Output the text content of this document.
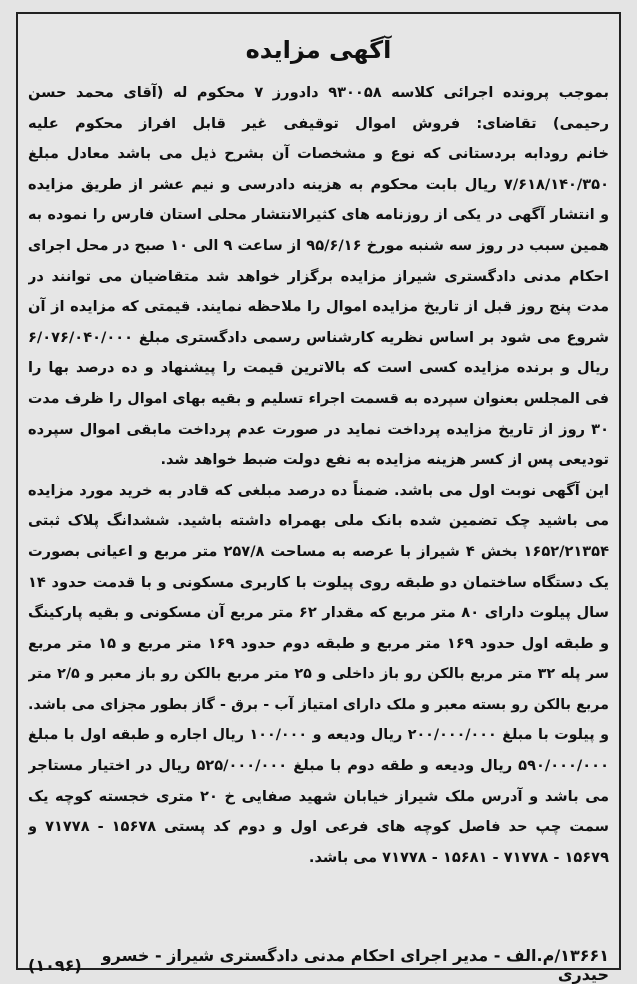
آگهی مزایده
بموجب پرونده اجرائی کلاسه ۹۳۰۰۵۸ دادورز ۷ محکوم له (آقای محمد حسن
رحیمی) تقاضای: فروش اموال توقیفی غیر قابل افراز محکوم علیه
خانم رودابه بردستانی که نوع و مشخصات آن بشرح ذیل می باشد معادل مبلغ
۷/۶۱۸/۱۴۰/۳۵۰ ریال بابت محکوم به هزینه دادرسی و نیم عشر از طریق مزایده
و انتشار آگهی در یکی از روزنامه های کثیرالانتشار محلی استان فارس را نموده به
همین سبب در روز سه شنبه مورخ ۹۵/۶/۱۶ از ساعت ۹ الی ۱۰ صبح در محل اجرای
احکام مدنی دادگستری شیراز مزایده برگزار خواهد شد متقاضیان می توانند در
مدت پنج روز قبل از تاریخ مزایده اموال را ملاحظه نمایند. قیمتی که مزایده از آن
شروع می شود بر اساس نظریه کارشناس رسمی دادگستری مبلغ ۶/۰۷۶/۰۴۰/۰۰۰
ریال و برنده مزایده کسی است که بالاترین قیمت را پیشنهاد و ده درصد بها را
فی المجلس بعنوان سپرده به قسمت اجراء تسلیم و بقیه بهای اموال را ظرف مدت
۳۰ روز از تاریخ مزایده پرداخت نماید در صورت عدم پرداخت مابقی اموال سپرده
تودیعی پس از کسر هزینه مزایده به نفع دولت ضبط خواهد شد.
این آگهی نوبت اول می باشد. ضمناً ده درصد مبلغی که قادر به خرید مورد مزایده
می باشید چک تضمین شده بانک ملی بهمراه داشته باشید. ششدانگ پلاک ثبتی
۱۶۵۲/۲۱۳۵۴ بخش ۴ شیراز با عرصه به مساحت ۲۵۷/۸ متر مربع و اعیانی بصورت
یک دستگاه ساختمان دو طبقه روی پیلوت با کاربری مسکونی و با قدمت حدود ۱۴
سال پیلوت دارای ۸۰ متر مربع که مقدار ۶۲ متر مربع آن مسکونی و بقیه پارکینگ
و طبقه اول حدود ۱۶۹ متر مربع و طبقه دوم حدود ۱۶۹ متر مربع و ۱۵ متر مربع
سر پله ۳۲ متر مربع بالکن رو باز داخلی و ۲۵ متر مربع بالکن رو باز معبر و ۲/۵ متر
مربع بالکن رو بسته معبر و ملک دارای امتیاز آب - برق - گاز بطور مجزای می باشد.
و پیلوت با مبلغ ۲۰۰/۰۰۰/۰۰۰ ریال ودیعه و ۱۰۰/۰۰۰ ریال اجاره و طبقه اول با مبلغ
۵۹۰/۰۰۰/۰۰۰ ریال ودیعه و طقه دوم با مبلغ ۵۲۵/۰۰۰/۰۰۰ ریال در اختیار مستاجر
می باشد و آدرس ملک شیراز خیابان شهید صفایی خ ۲۰ متری خجسته کوچه یک
سمت چپ حد فاصل کوچه های فرعی اول و دوم کد پستی ۱۵۶۷۸ - ۷۱۷۷۸ و
۱۵۶۷۹ - ۷۱۷۷۸ - ۱۵۶۸۱ - ۷۱۷۷۸ می باشد.
۱۳۶۶۱/م.الف - مدیر اجرای احکام مدنی دادگستری شیراز - خسرو حیدری
(۱۰۹۶)
